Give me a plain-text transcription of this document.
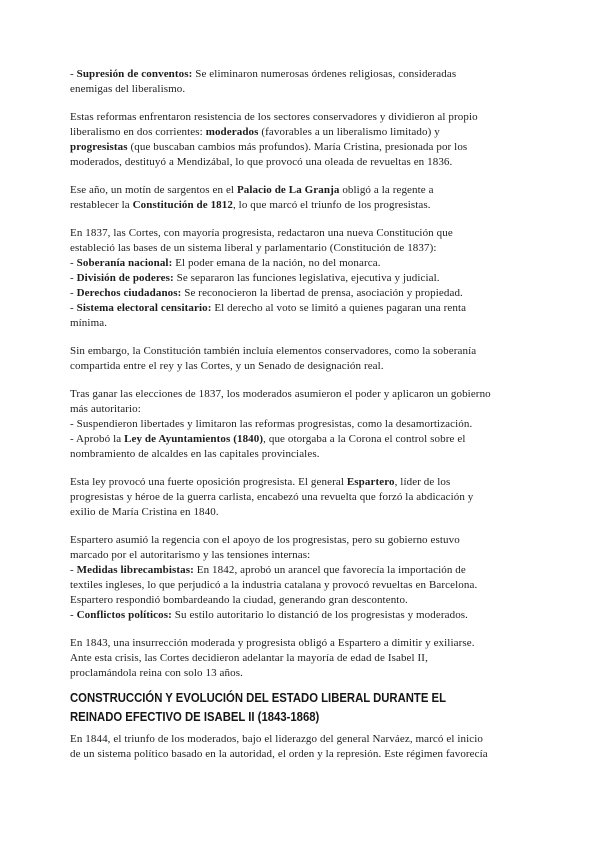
- Supresión de conventos: Se eliminaron numerosas órdenes religiosas, consideradas
enemigas del liberalismo.
Estas reformas enfrentaron resistencia de los sectores conservadores y dividieron al propio
liberalismo en dos corrientes: moderados (favorables a un liberalismo limitado) y
progresistas (que buscaban cambios más profundos). María Cristina, presionada por los
moderados, destituyó a Mendizábal, lo que provocó una oleada de revueltas en 1836.
Ese año, un motín de sargentos en el Palacio de La Granja obligó a la regente a
restablecer la Constitución de 1812, lo que marcó el triunfo de los progresistas.
En 1837, las Cortes, con mayoría progresista, redactaron una nueva Constitución que
estableció las bases de un sistema liberal y parlamentario (Constitución de 1837):
- Soberanía nacional: El poder emana de la nación, no del monarca.
- División de poderes: Se separaron las funciones legislativa, ejecutiva y judicial.
- Derechos ciudadanos: Se reconocieron la libertad de prensa, asociación y propiedad.
- Sistema electoral censitario: El derecho al voto se limitó a quienes pagaran una renta
mínima.
Sin embargo, la Constitución también incluía elementos conservadores, como la soberanía
compartida entre el rey y las Cortes, y un Senado de designación real.
Tras ganar las elecciones de 1837, los moderados asumieron el poder y aplicaron un gobierno
más autoritario:
- Suspendieron libertades y limitaron las reformas progresistas, como la desamortización.
- Aprobó la Ley de Ayuntamientos (1840), que otorgaba a la Corona el control sobre el
nombramiento de alcaldes en las capitales provinciales.
Esta ley provocó una fuerte oposición progresista. El general Espartero, líder de los
progresistas y héroe de la guerra carlista, encabezó una revuelta que forzó la abdicación y
exilio de María Cristina en 1840.
Espartero asumió la regencia con el apoyo de los progresistas, pero su gobierno estuvo
marcado por el autoritarismo y las tensiones internas:
- Medidas librecambistas: En 1842, aprobó un arancel que favorecía la importación de
textiles ingleses, lo que perjudicó a la industria catalana y provocó revueltas en Barcelona.
Espartero respondió bombardeando la ciudad, generando gran descontento.
- Conflictos políticos: Su estilo autoritario lo distanció de los progresistas y moderados.
En 1843, una insurrección moderada y progresista obligó a Espartero a dimitir y exiliarse.
Ante esta crisis, las Cortes decidieron adelantar la mayoría de edad de Isabel II,
proclamándola reina con solo 13 años.
CONSTRUCCIÓN Y EVOLUCIÓN DEL ESTADO LIBERAL DURANTE EL
REINADO EFECTIVO DE ISABEL II (1843-1868)
En 1844, el triunfo de los moderados, bajo el liderazgo del general Narváez, marcó el inicio
de un sistema político basado en la autoridad, el orden y la represión. Este régimen favorecía
